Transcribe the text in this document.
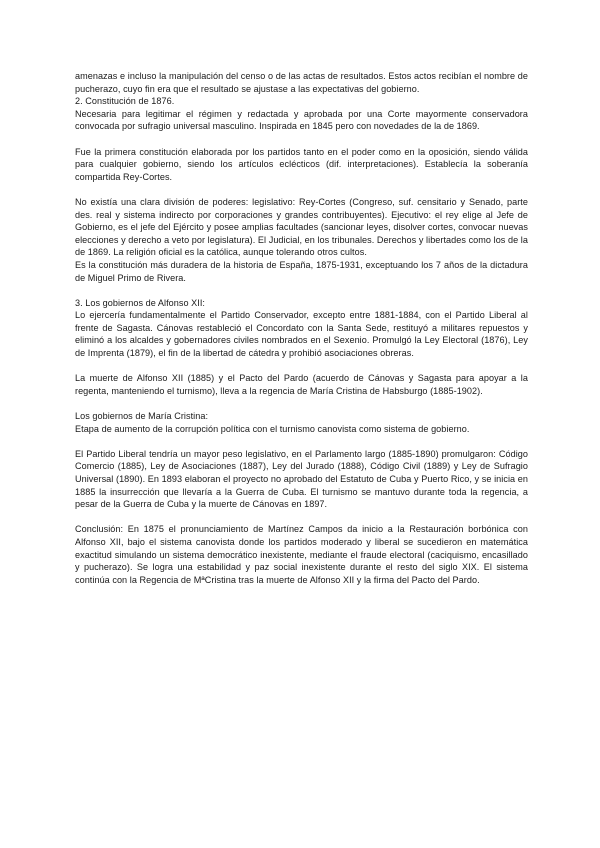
amenazas e incluso la manipulación del censo o de las actas de resultados. Estos actos recibían el nombre de pucherazo, cuyo fin era que el resultado se ajustase a las expectativas del gobierno.

2. Constitución de 1876.

Necesaria para legitimar el régimen y redactada y aprobada por una Corte mayormente conservadora convocada por sufragio universal masculino. Inspirada en 1845 pero con novedades de la de 1869.

Fue la primera constitución elaborada por los partidos tanto en el poder como en la oposición, siendo válida para cualquier gobierno, siendo los artículos eclécticos (dif. interpretaciones). Establecía la soberanía compartida Rey-Cortes.

No existía una clara división de poderes: legislativo: Rey-Cortes (Congreso, suf. censitario y Senado, parte des. real y sistema indirecto por corporaciones y grandes contribuyentes). Ejecutivo: el rey elige al Jefe de Gobierno, es el jefe del Ejército y posee amplias facultades (sancionar leyes, disolver cortes, convocar nuevas elecciones y derecho a veto por legislatura). El Judicial, en los tribunales. Derechos y libertades como los de la de 1869. La religión oficial es la católica, aunque tolerando otros cultos.

Es la constitución más duradera de la historia de España, 1875-1931, exceptuando los 7 años de la dictadura de Miguel Primo de Rivera.

3. Los gobiernos de Alfonso XII:

Lo ejercería fundamentalmente el Partido Conservador, excepto entre 1881-1884, con el Partido Liberal al frente de Sagasta. Cánovas restableció el Concordato con la Santa Sede, restituyó a militares repuestos y eliminó a los alcaldes y gobernadores civiles nombrados en el Sexenio. Promulgó la Ley Electoral (1876), Ley de Imprenta (1879), el fin de la libertad de cátedra y prohibió asociaciones obreras.

La muerte de Alfonso XII (1885) y el Pacto del Pardo (acuerdo de Cánovas y Sagasta para apoyar a la regenta, manteniendo el turnismo), lleva a la regencia de María Cristina de Habsburgo (1885-1902).

Los gobiernos de María Cristina:

Etapa de aumento de la corrupción política con el turnismo canovista como sistema de gobierno.

El Partido Liberal tendría un mayor peso legislativo, en el Parlamento largo (1885-1890) promulgaron: Código Comercio (1885), Ley de Asociaciones (1887), Ley del Jurado (1888), Código Civil (1889) y Ley de Sufragio Universal (1890). En 1893 elaboran el proyecto no aprobado del Estatuto de Cuba y Puerto Rico, y se inicia en 1885 la insurrección que llevaría a la Guerra de Cuba. El turnismo se mantuvo durante toda la regencia, a pesar de la Guerra de Cuba y la muerte de Cánovas en 1897.

Conclusión: En 1875 el pronunciamiento de Martínez Campos da inicio a la Restauración borbónica con Alfonso XII, bajo el sistema canovista donde los partidos moderado y liberal se sucedieron en matemática exactitud simulando un sistema democrático inexistente, mediante el fraude electoral (caciquismo, encasillado y pucherazo). Se logra una estabilidad y paz social inexistente durante el resto del siglo XIX. El sistema continúa con la Regencia de MªCristina tras la muerte de Alfonso XII y la firma del Pacto del Pardo.
